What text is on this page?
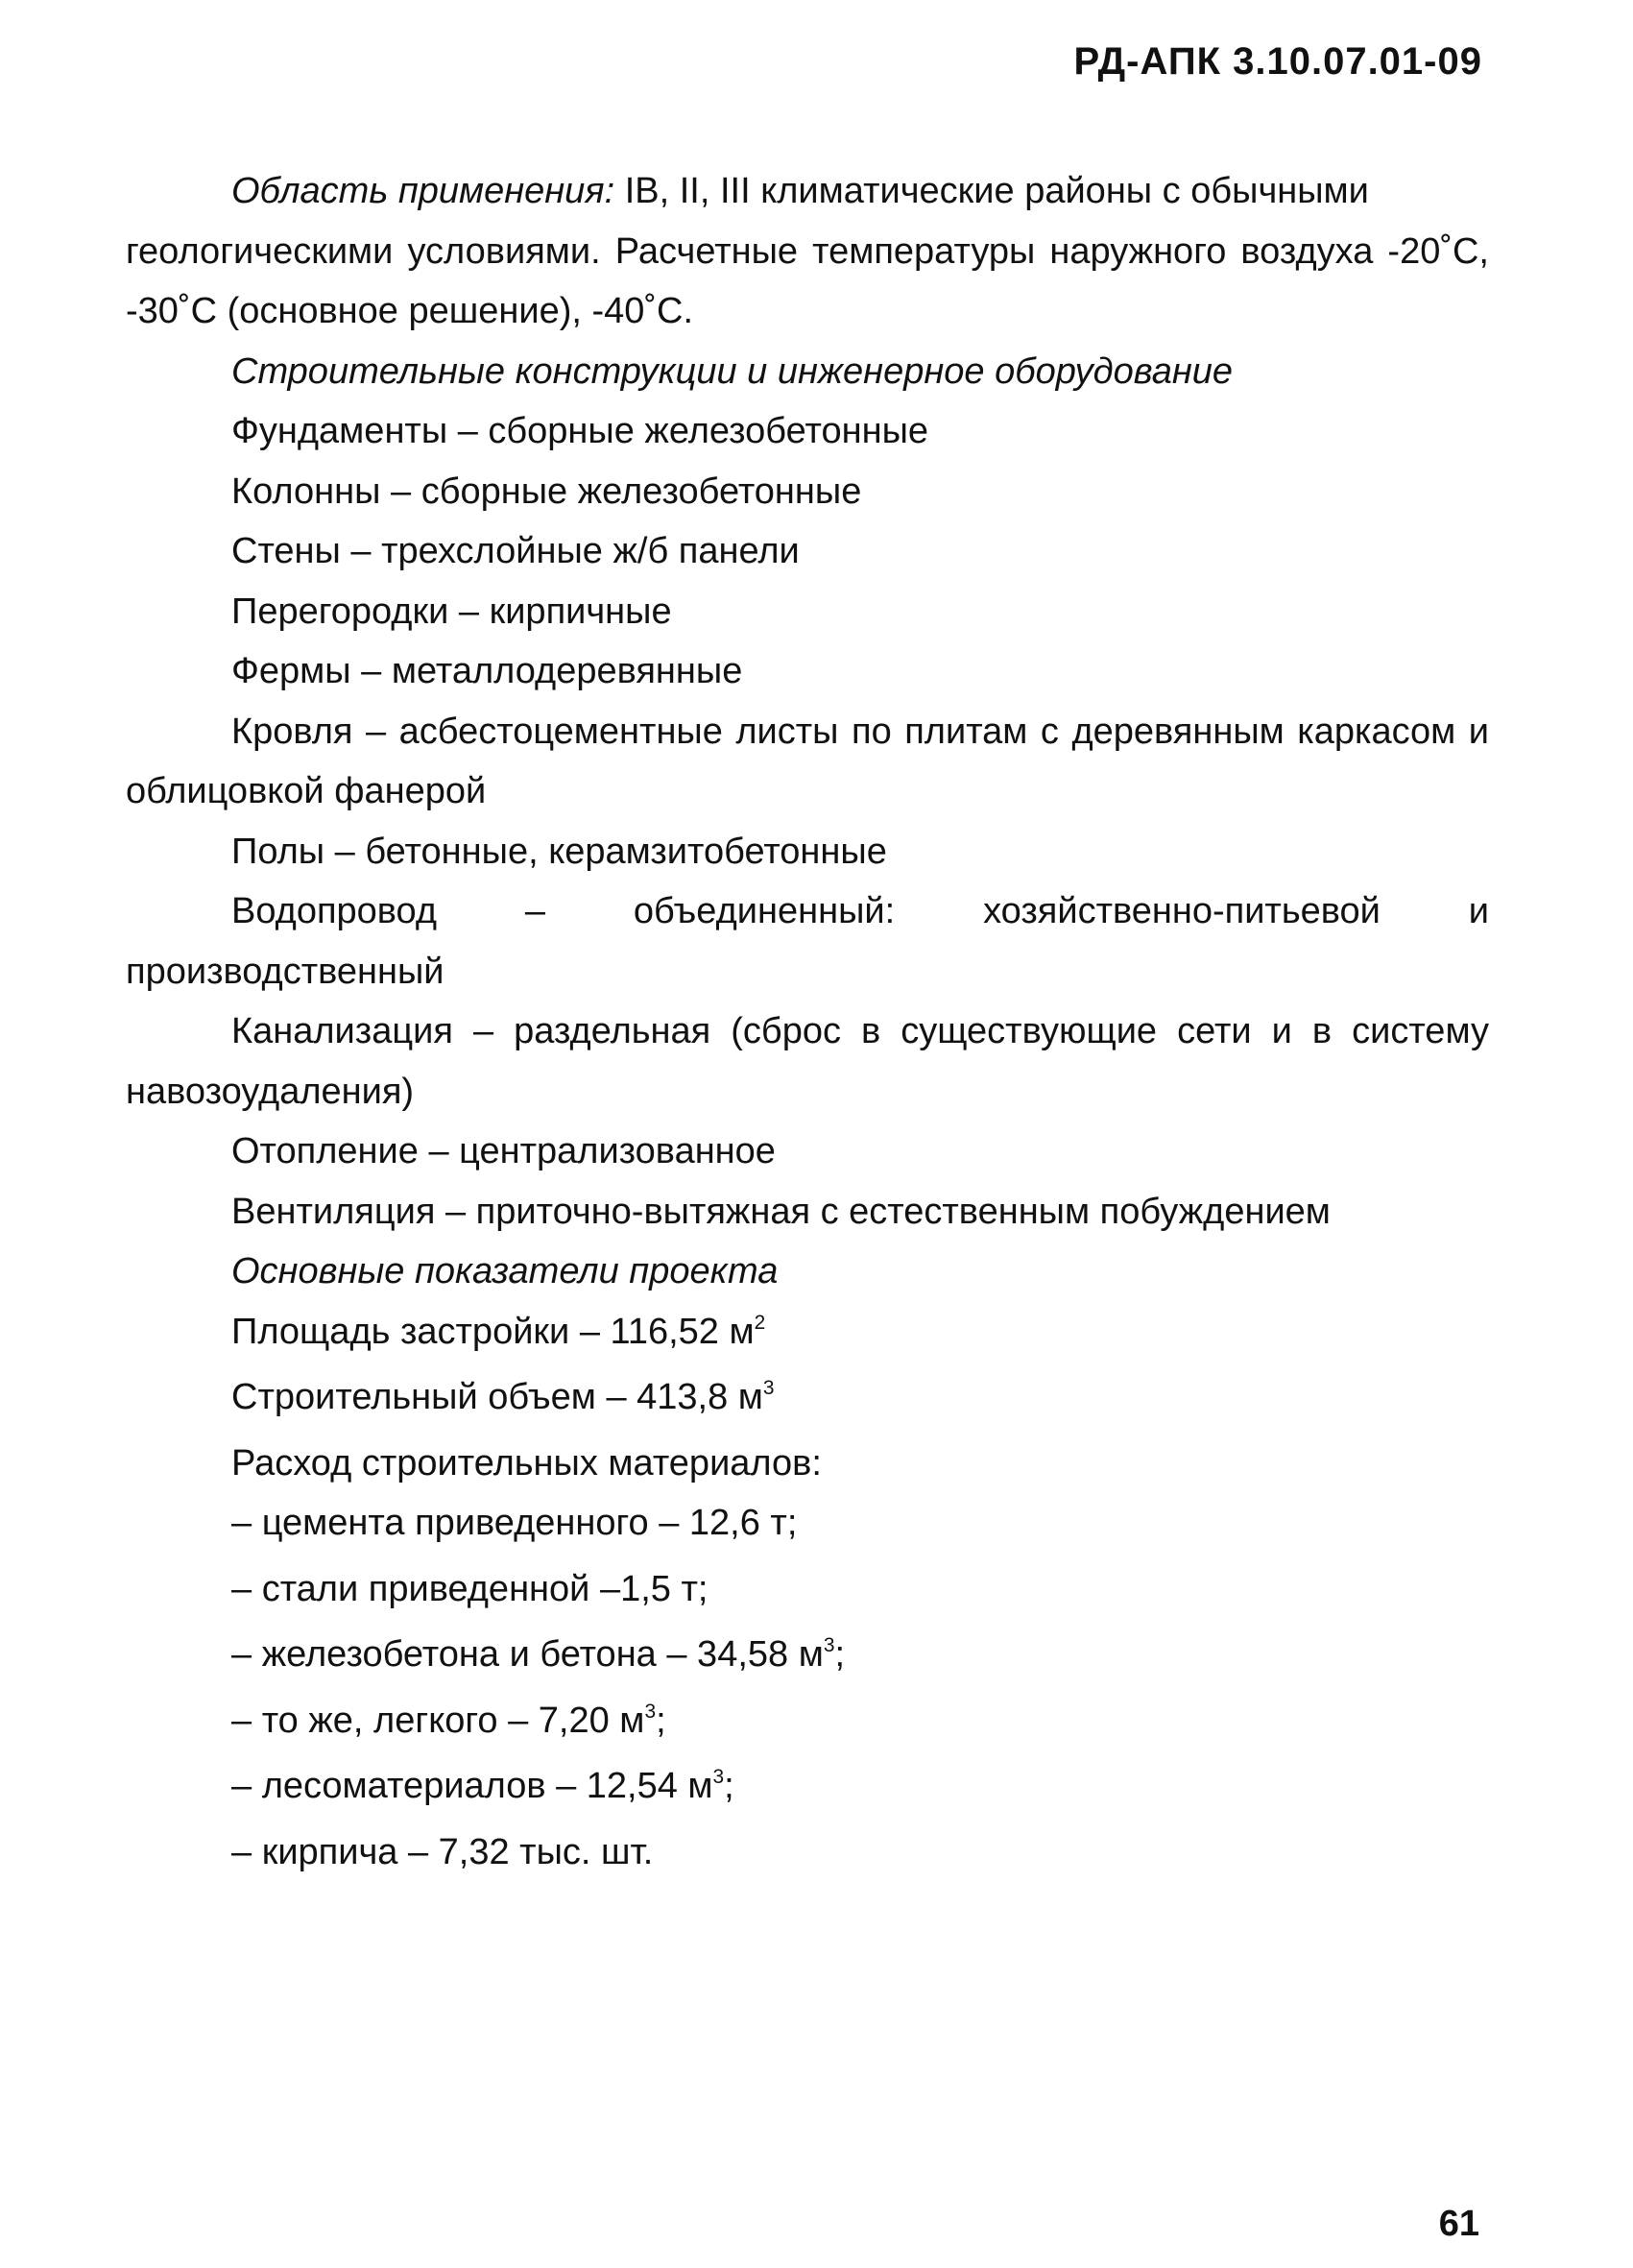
РД-АПК 3.10.07.01-09

Область применения: IB, II, III климатические районы с обычными
геологическими условиями. Расчетные температуры наружного воздуха -20˚С, -30˚С (основное решение), -40˚С.

Строительные конструкции и инженерное оборудование

Фундаменты – сборные железобетонные

Колонны – сборные железобетонные

Стены – трехслойные ж/б панели

Перегородки – кирпичные

Фермы – металлодеревянные

Кровля – асбестоцементные листы по плитам с деревянным каркасом и облицовкой фанерой

Полы – бетонные, керамзитобетонные

Водопровод – объединенный: хозяйственно-питьевой и производственный

Канализация – раздельная (сброс в существующие сети и в систему навозоудаления)

Отопление – централизованное

Вентиляция – приточно-вытяжная с естественным побуждением

Основные показатели проекта

Площадь застройки – 116,52 $м^2$

Строительный объем – 413,8 $м^3$

Расход строительных материалов:

– цемента приведенного – 12,6 т;

– стали приведенной –1,5 т;

– железобетона и бетона – 34,58 $м^3$;

– то же, легкого – 7,20 $м^3$;

– лесоматериалов – 12,54 $м^3$;

– кирпича – 7,32 тыс. шт.

61
